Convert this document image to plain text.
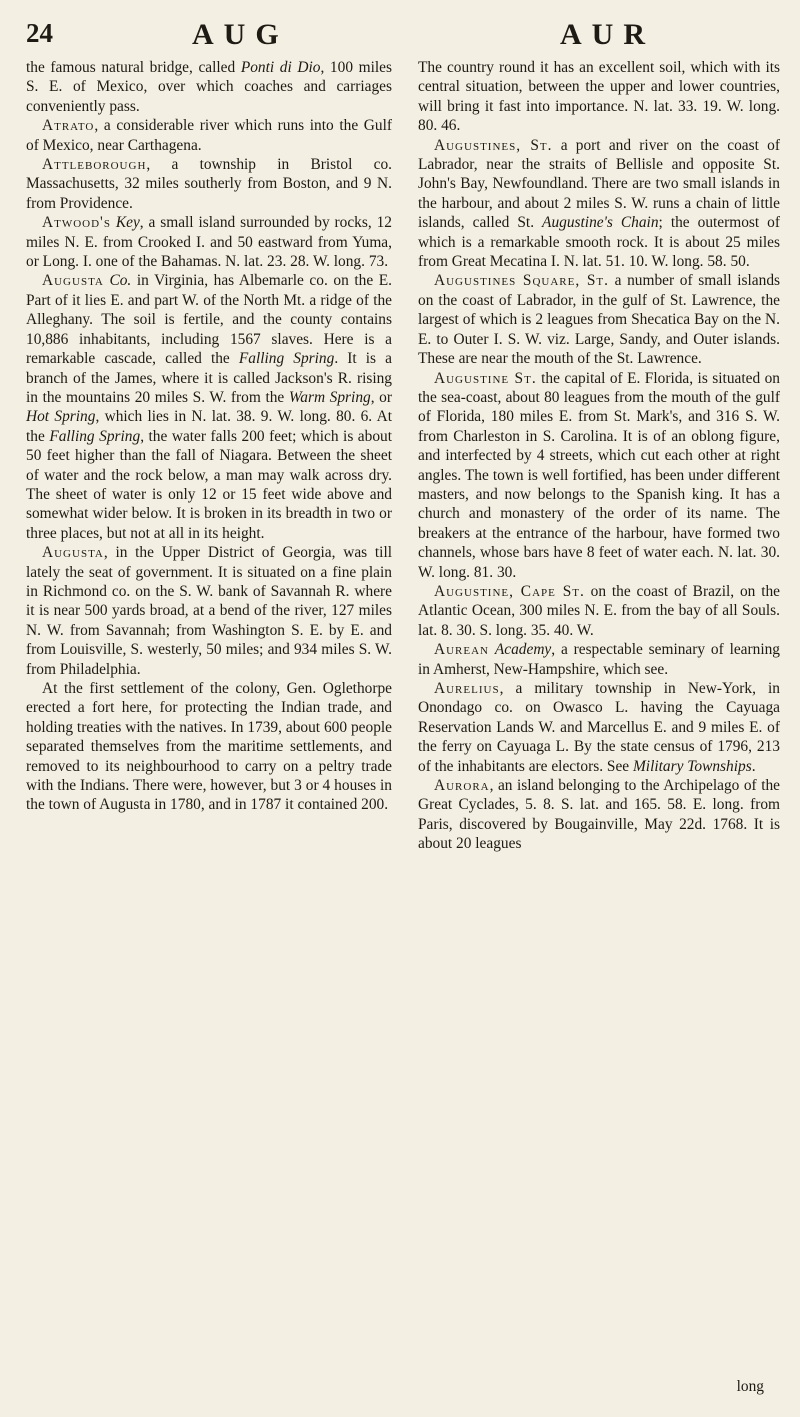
24	AUG	AUR

the famous natural bridge, called Ponti di Dio, 100 miles S. E. of Mexico, over which coaches and carriages conveniently pass.

Atrato, a considerable river which runs into the Gulf of Mexico, near Carthagena.

Attleborough, a township in Bristol co. Massachusetts, 32 miles southerly from Boston, and 9 N. from Providence.

Atwood's Key, a small island surrounded by rocks, 12 miles N. E. from Crooked I. and 50 eastward from Yuma, or Long. I. one of the Bahamas. N. lat. 23. 28. W. long. 73.

Augusta Co. in Virginia, has Albemarle co. on the E. Part of it lies E. and part W. of the North Mt. a ridge of the Alleghany. The soil is fertile, and the county contains 10,886 inhabitants, including 1567 slaves. Here is a remarkable cascade, called the Falling Spring. It is a branch of the James, where it is called Jackson's R. rising in the mountains 20 miles S. W. from the Warm Spring, or Hot Spring, which lies in N. lat. 38. 9. W. long. 80. 6. At the Falling Spring, the water falls 200 feet; which is about 50 feet higher than the fall of Niagara. Between the sheet of water and the rock below, a man may walk across dry. The sheet of water is only 12 or 15 feet wide above and somewhat wider below. It is broken in its breadth in two or three places, but not at all in its height.

Augusta, in the Upper District of Georgia, was till lately the seat of government. It is situated on a fine plain in Richmond co. on the S. W. bank of Savannah R. where it is near 500 yards broad, at a bend of the river, 127 miles N. W. from Savannah; from Washington S. E. by E. and from Louisville, S. westerly, 50 miles; and 934 miles S. W. from Philadelphia.

At the first settlement of the colony, Gen. Oglethorpe erected a fort here, for protecting the Indian trade, and holding treaties with the natives. In 1739, about 600 people separated themselves from the maritime settlements, and removed to its neighbourhood to carry on a peltry trade with the Indians. There were, however, but 3 or 4 houses in the town of Augusta in 1780, and in 1787 it contained 200.

The country round it has an excellent soil, which with its central situation, between the upper and lower countries, will bring it fast into importance. N. lat. 33. 19. W. long. 80. 46.

Augustines, St. a port and river on the coast of Labrador, near the straits of Bellisle and opposite St. John's Bay, Newfoundland. There are two small islands in the harbour, and about 2 miles S. W. runs a chain of little islands, called St. Augustine's Chain; the outermost of which is a remarkable smooth rock. It is about 25 miles from Great Mecatina I. N. lat. 51. 10. W. long. 58. 50.

Augustines Square, St. a number of small islands on the coast of Labrador, in the gulf of St. Lawrence, the largest of which is 2 leagues from Shecatica Bay on the N. E. to Outer I. S. W. viz. Large, Sandy, and Outer islands. These are near the mouth of the St. Lawrence.

Augustine St. the capital of E. Florida, is situated on the sea-coast, about 80 leagues from the mouth of the gulf of Florida, 180 miles E. from St. Mark's, and 316 S. W. from Charleston in S. Carolina. It is of an oblong figure, and interfected by 4 streets, which cut each other at right angles. The town is well fortified, has been under different masters, and now belongs to the Spanish king. It has a church and monastery of the order of its name. The breakers at the entrance of the harbour, have formed two channels, whose bars have 8 feet of water each. N. lat. 30. W. long. 81. 30.

Augustine, Cape St. on the coast of Brazil, on the Atlantic Ocean, 300 miles N. E. from the bay of all Souls. lat. 8. 30. S. long. 35. 40. W.

Aurean Academy, a respectable seminary of learning in Amherst, New-Hampshire, which see.

Aurelius, a military township in New-York, in Onondago co. on Owasco L. having the Cayuaga Reservation Lands W. and Marcellus E. and 9 miles E. of the ferry on Cayuaga L. By the state census of 1796, 213 of the inhabitants are electors. See Military Townships.

Aurora, an island belonging to the Archipelago of the Great Cyclades, 5. 8. S. lat. and 165. 58. E. long. from Paris, discovered by Bougainville, May 22d. 1768. It is about 20 leagues

long
